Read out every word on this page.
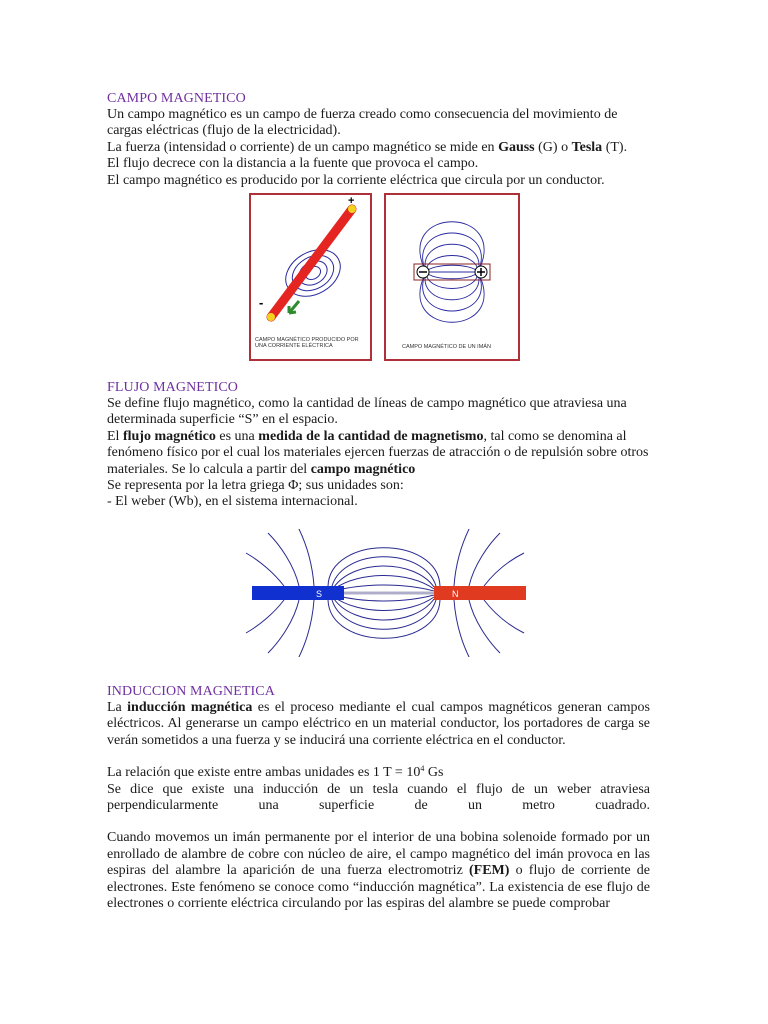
CAMPO MAGNETICO

Un campo magnético es un campo de fuerza creado como consecuencia del movimiento de cargas eléctricas (flujo de la electricidad).

La fuerza (intensidad o corriente) de un campo magnético se mide en Gauss (G) o Tesla (T).

El flujo decrece con la distancia a la fuente que provoca el campo.

El campo magnético es producido por la corriente eléctrica que circula por un conductor.

+
-
CAMPO MAGNÉTICO PRODUCIDO POR UNA CORRIENTE ELÉCTRICA	CAMPO MAGNÉTICO DE UN IMÁN
FLUJO MAGNETICO

Se define flujo magnético, como la cantidad de líneas de campo magnético que atraviesa una determinada superficie “S” en el espacio.

El flujo magnético es una medida de la cantidad de magnetismo, tal como se denomina al fenómeno físico por el cual los materiales ejercen fuerzas de atracción o de repulsión sobre otros materiales. Se lo calcula a partir del campo magnético

Se representa por la letra griega Φ; sus unidades son:

- El weber (Wb), en el sistema internacional.

S	N
INDUCCION MAGNETICA

La inducción magnética es el proceso mediante el cual campos magnéticos generan campos eléctricos. Al generarse un campo eléctrico en un material conductor, los portadores de carga se verán sometidos a una fuerza y se inducirá una corriente eléctrica en el conductor.

La relación que existe entre ambas unidades es 1 $T = 10^4$ Gs

Se dice que existe una inducción de un tesla cuando el flujo de un weber atraviesa

perpendicularmente una superficie de un metro cuadrado.

Cuando movemos un imán permanente por el interior de una bobina solenoide formado por un enrollado de alambre de cobre con núcleo de aire, el campo magnético del imán provoca en las espiras del alambre la aparición de una fuerza electromotriz (FEM) o flujo de corriente de electrones. Este fenómeno se conoce como “inducción magnética”. La existencia de ese flujo de electrones o corriente eléctrica circulando por las espiras del alambre se puede comprobar
